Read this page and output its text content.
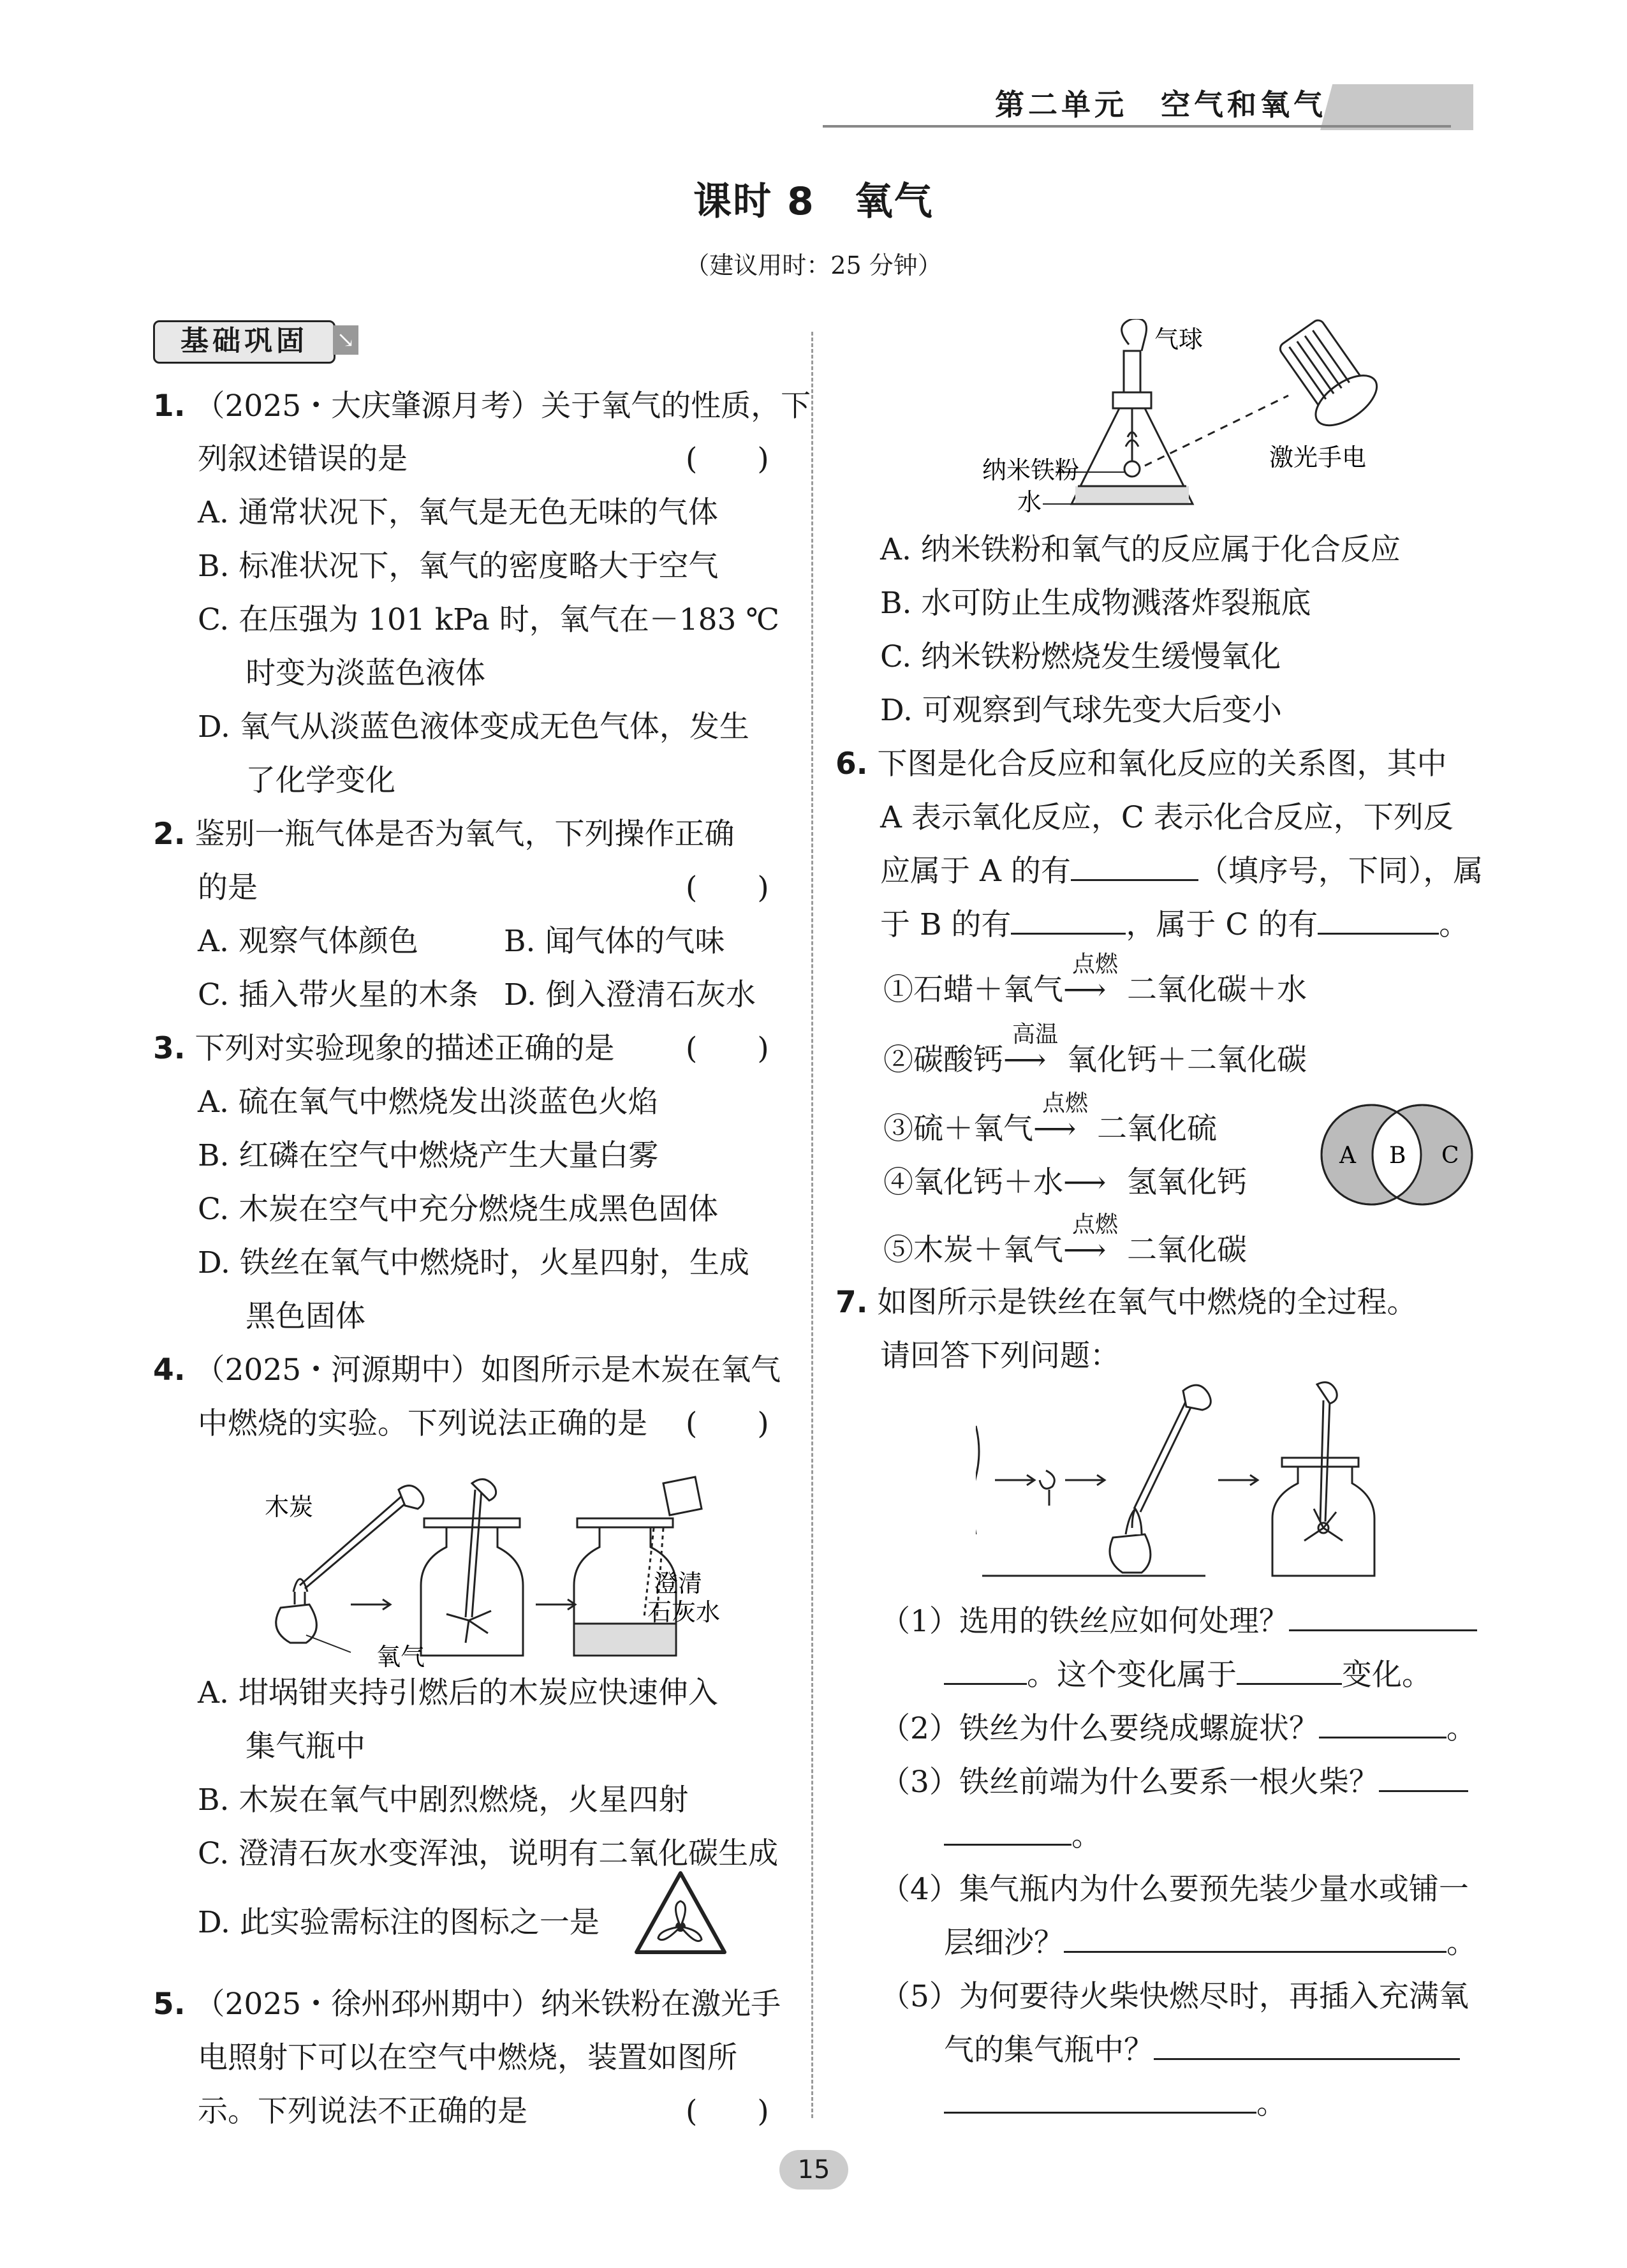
第二单元　空气和氧气
课时 8　氧气
（建议用时：25 分钟）
基础巩固	↘
1. （2025・大庆肇源月考）关于氧气的性质，下
列叙述错误的是	(　　)
A. 通常状况下，氧气是无色无味的气体
B. 标准状况下，氧气的密度略大于空气
C. 在压强为 101 kPa 时，氧气在－183 ℃
时变为淡蓝色液体
D. 氧气从淡蓝色液体变成无色气体，发生
了化学变化
2. 鉴别一瓶气体是否为氧气，下列操作正确
的是	(　　)
A. 观察气体颜色	B. 闻气体的气味
C. 插入带火星的木条 D. 倒入澄清石灰水
3. 下列对实验现象的描述正确的是 (　　)
A. 硫在氧气中燃烧发出淡蓝色火焰
B. 红磷在空气中燃烧产生大量白雾
C. 木炭在空气中充分燃烧生成黑色固体
D. 铁丝在氧气中燃烧时，火星四射，生成
黑色固体
4. （2025・河源期中）如图所示是木炭在氧气
中燃烧的实验。下列说法正确的是 (　　)
木炭
氧气
澄清
石灰水
A. 坩埚钳夹持引燃后的木炭应快速伸入
集气瓶中
B. 木炭在氧气中剧烈燃烧，火星四射
C. 澄清石灰水变浑浊，说明有二氧化碳生成
D. 此实验需标注的图标之一是
5. （2025・徐州邳州期中）纳米铁粉在激光手
电照射下可以在空气中燃烧，装置如图所
示。下列说法不正确的是	(　　)
气球
激光手电
纳米铁粉
水
A. 纳米铁粉和氧气的反应属于化合反应
B. 水可防止生成物溅落炸裂瓶底
C. 纳米铁粉燃烧发生缓慢氧化
D. 可观察到气球先变大后变小
6. 下图是化合反应和氧化反应的关系图，其中
A 表示氧化反应，C 表示化合反应，下列反
应属于 A 的有	（填序号，下同），属
于 B 的有	，属于 C 的有	。
①石蜡＋氧气
点燃
⟶ 二氧化碳＋水
②碳酸钙
高温
⟶ 氧化钙＋二氧化碳
③硫＋氧气
点燃
⟶ 二氧化硫
④氧化钙＋水⟶ 氢氧化钙
⑤木炭＋氧气
点燃
⟶ 二氧化碳
A B C
7. 如图所示是铁丝在氧气中燃烧的全过程。
请回答下列问题：
（1）选用的铁丝应如何处理？
。这个变化属于	变化。
（2）铁丝为什么要绕成螺旋状？	。
（3）铁丝前端为什么要系一根火柴？
。
（4）集气瓶内为什么要预先装少量水或铺一
层细沙？	。
（5）为何要待火柴快燃尽时，再插入充满氧
气的集气瓶中？
。
15
